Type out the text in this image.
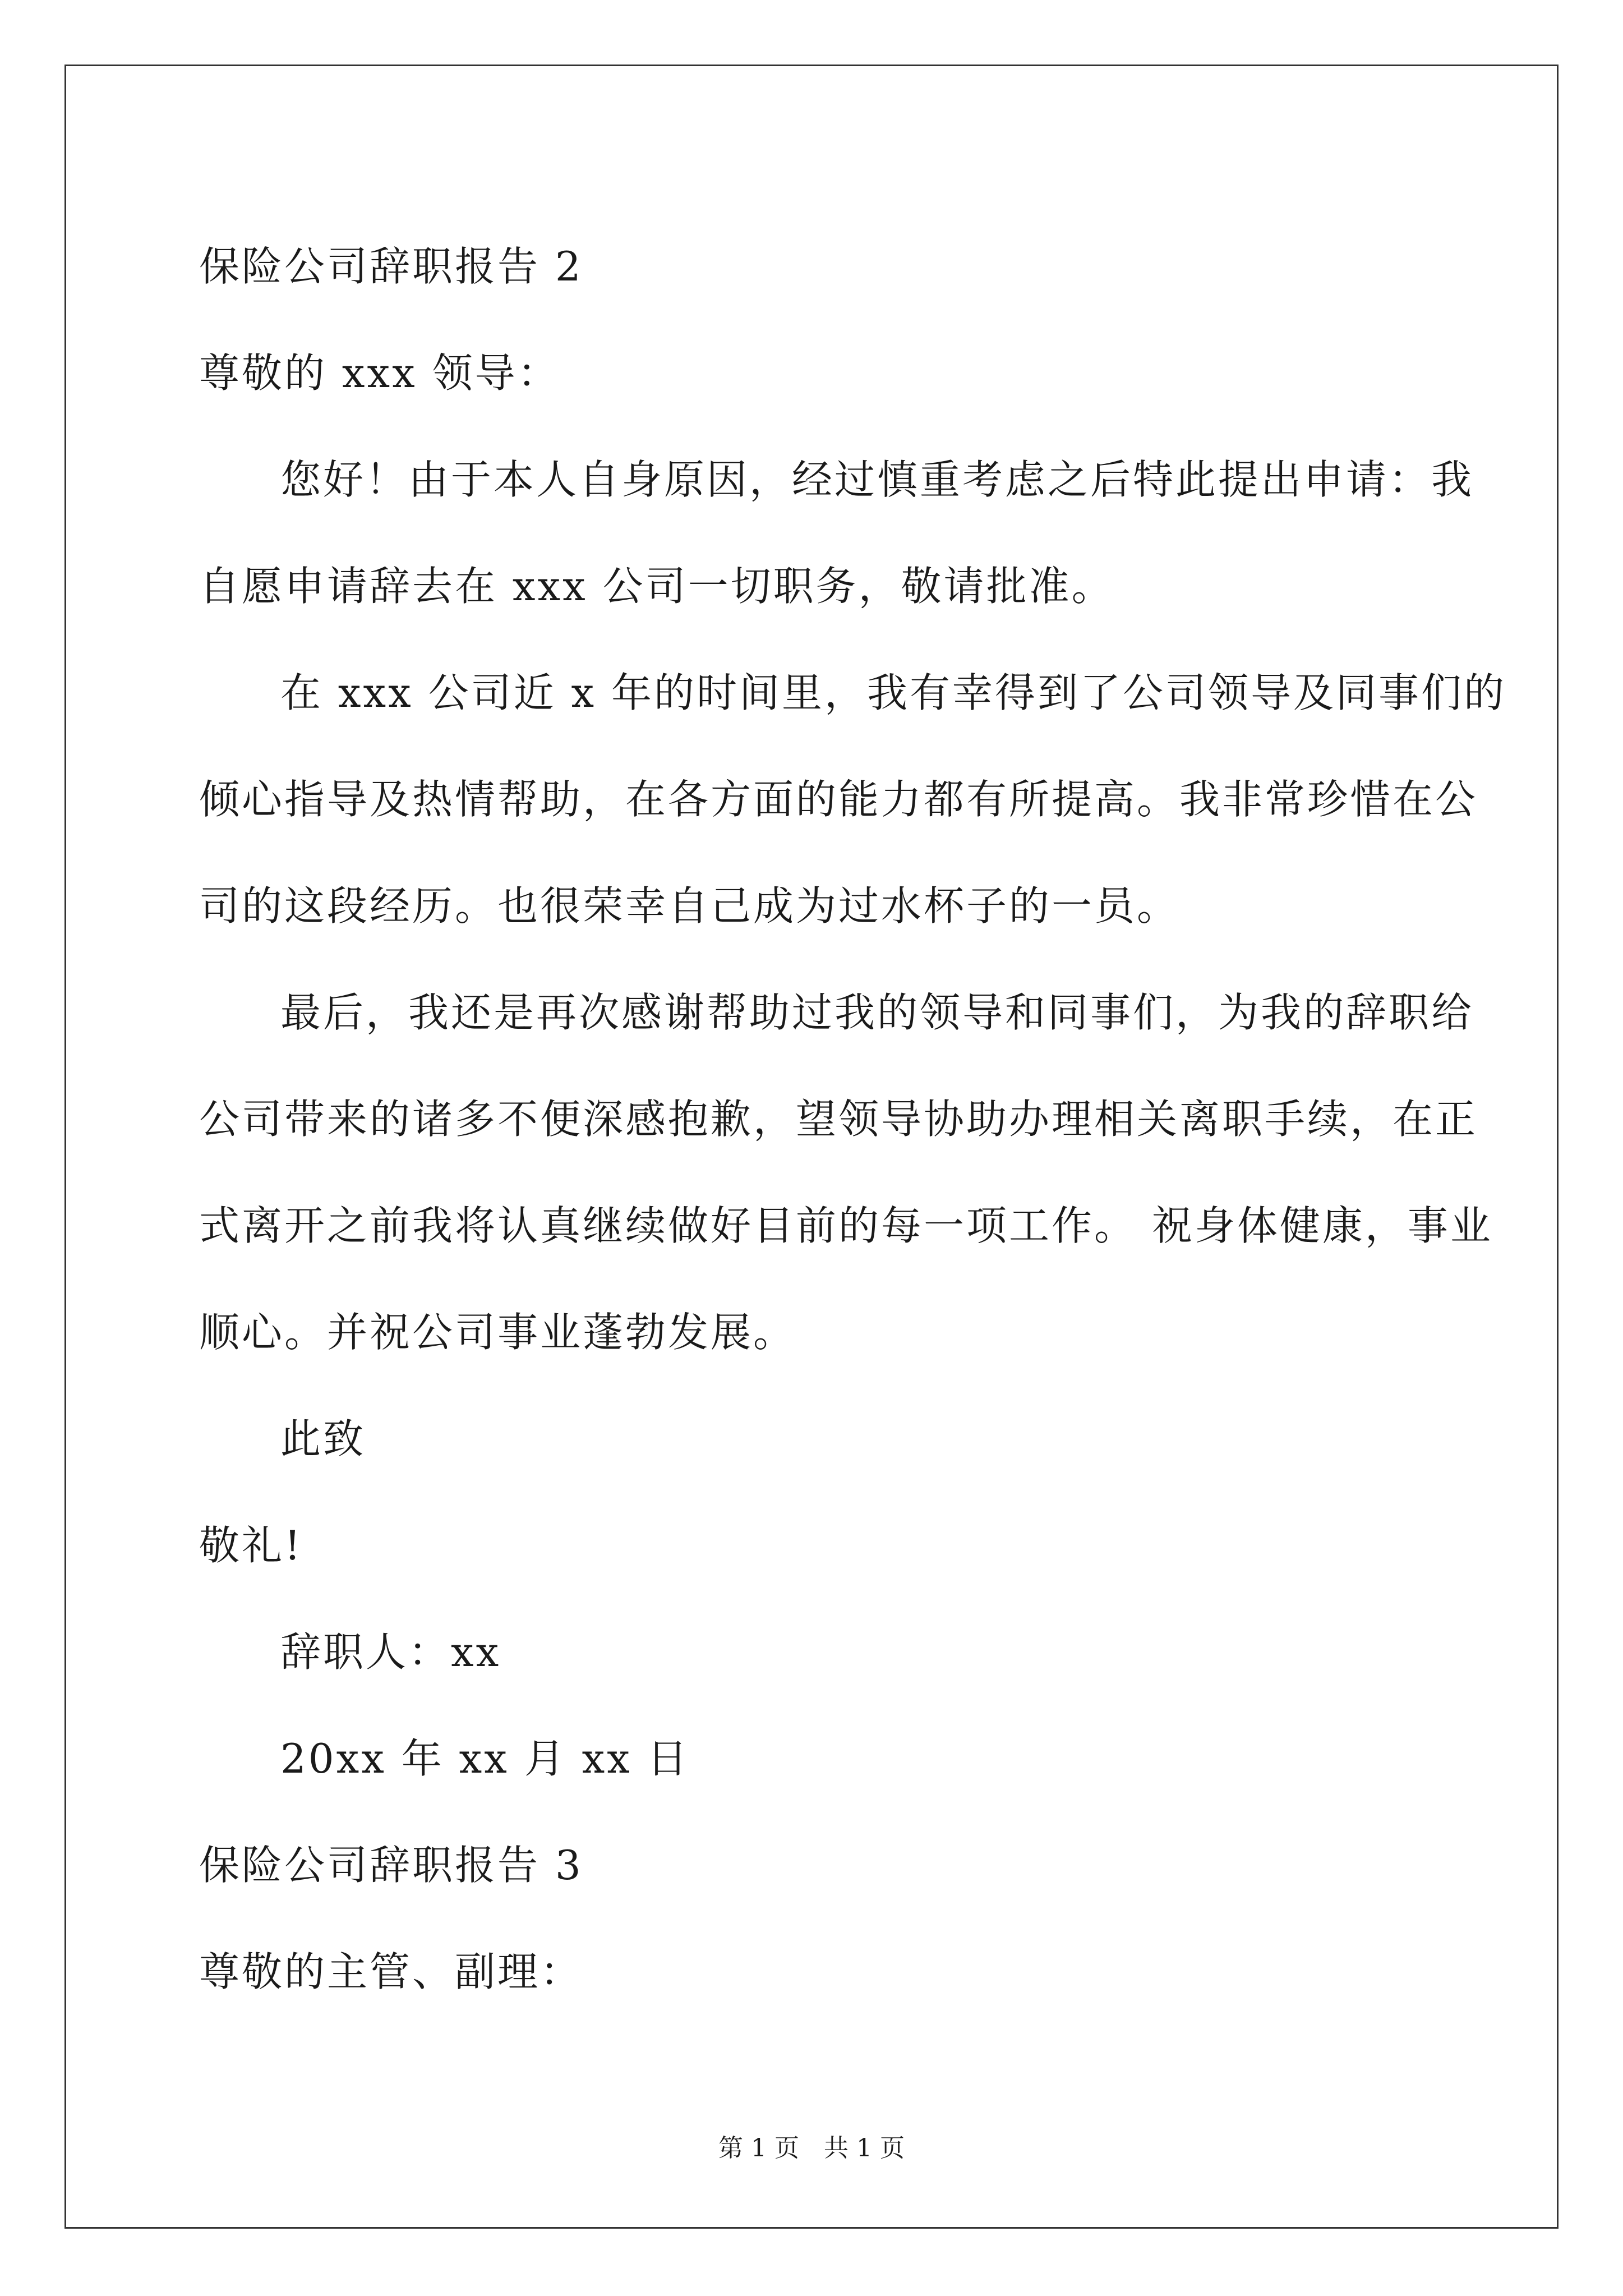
保险公司辞职报告 2
尊敬的 xxx 领导：
您好！由于本人自身原因，经过慎重考虑之后特此提出申请：我
自愿申请辞去在 xxx 公司一切职务，敬请批准。
在 xxx 公司近 x 年的时间里，我有幸得到了公司领导及同事们的
倾心指导及热情帮助，在各方面的能力都有所提高。我非常珍惜在公
司的这段经历。也很荣幸自己成为过水杯子的一员。
最后，我还是再次感谢帮助过我的领导和同事们，为我的辞职给
公司带来的诸多不便深感抱歉，望领导协助办理相关离职手续，在正
式离开之前我将认真继续做好目前的每一项工作。 祝身体健康，事业
顺心。并祝公司事业蓬勃发展。
此致
敬礼!
辞职人：xx
20xx 年 xx 月 xx 日
保险公司辞职报告 3
尊敬的主管、副理：
第 1 页　共 1 页
